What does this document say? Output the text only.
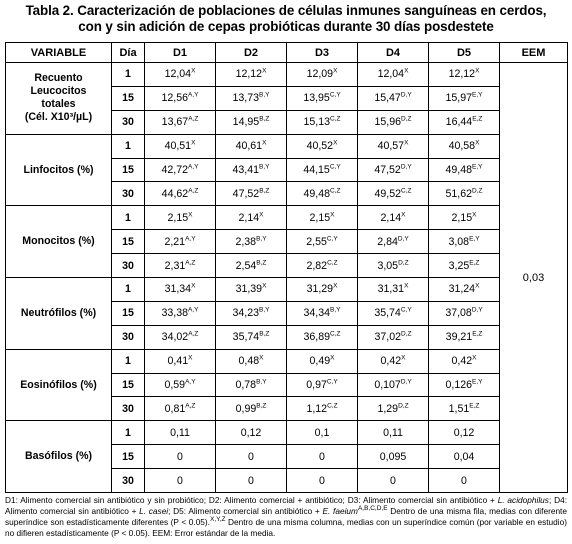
Tabla 2. Caracterización de poblaciones de células inmunes sanguíneas en cerdos,
con y sin adición de cepas probióticas durante 30 días posdestete
VARIABLE	Día	D1	D2	D3	D4	D5	EEM

Recuento
Leucocitos
totales
(Cél. X10³/µL)	1	$12,04^X$	$12,12^X$	$12,09^X$	$12,04^X$	$12,12^X$	0,03
	15	$12,56^{A,Y}$	$13,73^{B,Y}$	$13,95^{C,Y}$	$15,47^{D,Y}$	$15,97^{E,Y}$
	30	$13,67^{A,Z}$	$14,95^{B,Z}$	$15,13^{C,Z}$	$15,96^{D,Z}$	$16,44^{E,Z}$

Linfocitos (%)	1	$40,51^X$	$40,61^X$	$40,52^X$	$40,57^X$	$40,58^X$
	15	$42,72^{A,Y}$	$43,41^{B,Y}$	$44,15^{C,Y}$	$47,52^{D,Y}$	$49,48^{E,Y}$
	30	$44,62^{A,Z}$	$47,52^{B,Z}$	$49,48^{C,Z}$	$49,52^{C,Z}$	$51,62^{D,Z}$

Monocitos (%)	1	$2,15^X$	$2,14^X$	$2,15^X$	$2,14^X$	$2,15^X$
	15	$2,21^{A,Y}$	$2,38^{B,Y}$	$2,55^{C,Y}$	$2,84^{D,Y}$	$3,08^{E,Y}$
	30	$2,31^{A,Z}$	$2,54^{B,Z}$	$2,82^{C,Z}$	$3,05^{D,Z}$	$3,25^{E,Z}$

Neutrófilos (%)	1	$31,34^X$	$31,39^X$	$31,29^X$	$31,31^X$	$31,24^X$
	15	$33,38^{A,Y}$	$34,23^{B,Y}$	$34,34^{B,Y}$	$35,74^{C,Y}$	$37,08^{D,Y}$
	30	$34,02^{A,Z}$	$35,74^{B,Z}$	$36,89^{C,Z}$	$37,02^{D,Z}$	$39,21^{E,Z}$

Eosinófilos (%)	1	$0,41^X$	$0,48^X$	$0,49^X$	$0,42^X$	$0,42^X$
	15	$0,59^{A,Y}$	$0,78^{B,Y}$	$0,97^{C,Y}$	$0,107^{D,Y}$	$0,126^{E,Y}$
	30	$0,81^{A,Z}$	$0,99^{B,Z}$	$1,12^{C,Z}$	$1,29^{D,Z}$	$1,51^{E,Z}$

Basófilos (%)	1	0,11	0,12	0,1	0,11	0,12	
	15	0	0	0	0,095	0,04	
	30	0	0	0	0	0	
D1: Alimento comercial sin antibiótico y sin probiótico; D2: Alimento comercial + antibiótico; D3: Alimento comercial sin antibiótico + L. acidophilus; D4: Alimento comercial sin antibiótico + L. casei; D5: Alimento comercial sin antibiótico + E. faeium$^{A,B,C,D,E}$ Dentro de una misma fila, medias con diferente superíndice son estadísticamente diferentes (P < 0.05).$^{X,Y,Z}$ Dentro de una misma columna, medias con un superíndice común (por variable en estudio) no difieren estadísticamente (P < 0.05). EEM: Error estándar de la media.
